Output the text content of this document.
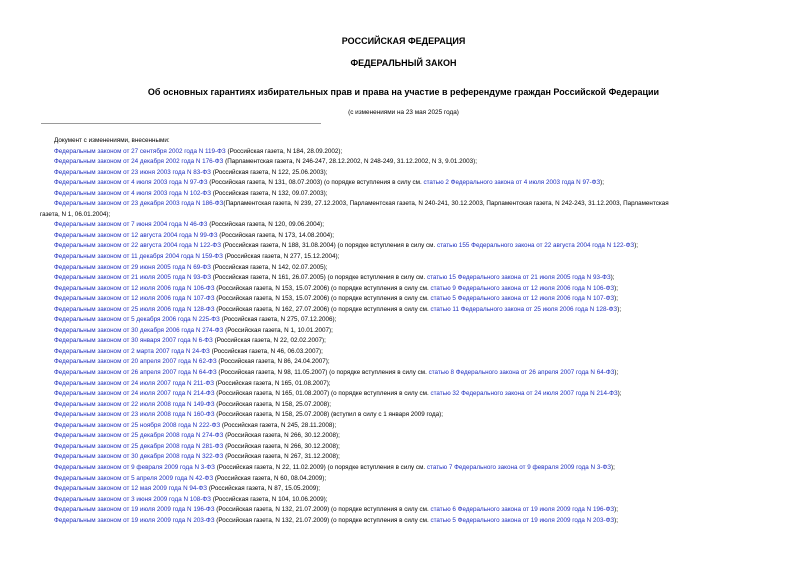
РОССИЙСКАЯ ФЕДЕРАЦИЯ
ФЕДЕРАЛЬНЫЙ ЗАКОН
Об основных гарантиях избирательных прав и права на участие в референдуме граждан Российской Федерации
(с изменениями на 23 мая 2025 года)

Документ с изменениями, внесенными:

Федеральным законом от 27 сентября 2002 года N 119-ФЗ (Российская газета, N 184, 28.09.2002);

Федеральным законом от 24 декабря 2002 года N 176-ФЗ (Парламентская газета, N 246-247, 28.12.2002, N 248-249, 31.12.2002, N 3, 9.01.2003);

Федеральным законом от 23 июня 2003 года N 83-ФЗ (Российская газета, N 122, 25.06.2003);

Федеральным законом от 4 июля 2003 года N 97-ФЗ (Российская газета, N 131, 08.07.2003) (о порядке вступления в силу см. статью 2 Федерального закона от 4 июля 2003 года N 97-ФЗ);

Федеральным законом от 4 июля 2003 года N 102-ФЗ (Российская газета, N 132, 09.07.2003);

Федеральным законом от 23 декабря 2003 года N 186-ФЗ(Парламентская газета, N 239, 27.12.2003, Парламентская газета, N 240-241, 30.12.2003, Парламентская газета, N 242-243, 31.12.2003, Парламентская

газета, N 1, 06.01.2004);

Федеральным законом от 7 июня 2004 года N 46-ФЗ (Российская газета, N 120, 09.06.2004);

Федеральным законом от 12 августа 2004 года N 99-ФЗ (Российская газета, N 173, 14.08.2004);

Федеральным законом от 22 августа 2004 года N 122-ФЗ (Российская газета, N 188, 31.08.2004) (о порядке вступления в силу см. статью 155 Федерального закона от 22 августа 2004 года N 122-ФЗ);

Федеральным законом от 11 декабря 2004 года N 159-ФЗ (Российская газета, N 277, 15.12.2004);

Федеральным законом от 29 июня 2005 года N 69-ФЗ (Российская газета, N 142, 02.07.2005);

Федеральным законом от 21 июля 2005 года N 93-ФЗ (Российская газета, N 161, 26.07.2005) (о порядке вступления в силу см. статью 15 Федерального закона от 21 июля 2005 года N 93-ФЗ);

Федеральным законом от 12 июля 2006 года N 106-ФЗ (Российская газета, N 153, 15.07.2006) (о порядке вступления в силу см. статью 9 Федерального закона от 12 июля 2006 года N 106-ФЗ);

Федеральным законом от 12 июля 2006 года N 107-ФЗ (Российская газета, N 153, 15.07.2006) (о порядке вступления в силу см. статью 5 Федерального закона от 12 июля 2006 года N 107-ФЗ);

Федеральным законом от 25 июля 2006 года N 128-ФЗ (Российская газета, N 162, 27.07.2006) (о порядке вступления в силу см. статью 11 Федерального закона от 25 июля 2006 года N 128-ФЗ);

Федеральным законом от 5 декабря 2006 года N 225-ФЗ (Российская газета, N 275, 07.12.2006);

Федеральным законом от 30 декабря 2006 года N 274-ФЗ (Российская газета, N 1, 10.01.2007);

Федеральным законом от 30 января 2007 года N 6-ФЗ (Российская газета, N 22, 02.02.2007);

Федеральным законом от 2 марта 2007 года N 24-ФЗ (Российская газета, N 46, 06.03.2007);

Федеральным законом от 20 апреля 2007 года N 62-ФЗ (Российская газета, N 86, 24.04.2007);

Федеральным законом от 26 апреля 2007 года N 64-ФЗ (Российская газета, N 98, 11.05.2007) (о порядке вступления в силу см. статью 8 Федерального закона от 26 апреля 2007 года N 64-ФЗ);

Федеральным законом от 24 июля 2007 года N 211-ФЗ (Российская газета, N 165, 01.08.2007);

Федеральным законом от 24 июля 2007 года N 214-ФЗ (Российская газета, N 165, 01.08.2007) (о порядке вступления в силу см. статью 32 Федерального закона от 24 июля 2007 года N 214-ФЗ);

Федеральным законом от 22 июля 2008 года N 149-ФЗ (Российская газета, N 158, 25.07.2008);

Федеральным законом от 23 июля 2008 года N 160-ФЗ (Российская газета, N 158, 25.07.2008) (вступил в силу с 1 января 2009 года);

Федеральным законом от 25 ноября 2008 года N 222-ФЗ (Российская газета, N 245, 28.11.2008);

Федеральным законом от 25 декабря 2008 года N 274-ФЗ (Российская газета, N 266, 30.12.2008);

Федеральным законом от 25 декабря 2008 года N 281-ФЗ (Российская газета, N 266, 30.12.2008);

Федеральным законом от 30 декабря 2008 года N 322-ФЗ (Российская газета, N 267, 31.12.2008);

Федеральным законом от 9 февраля 2009 года N 3-ФЗ (Российская газета, N 22, 11.02.2009) (о порядке вступления в силу см. статью 7 Федерального закона от 9 февраля 2009 года N 3-ФЗ);

Федеральным законом от 5 апреля 2009 года N 42-ФЗ (Российская газета, N 60, 08.04.2009);

Федеральным законом от 12 мая 2009 года N 94-ФЗ (Российская газета, N 87, 15.05.2009);

Федеральным законом от 3 июня 2009 года N 108-ФЗ (Российская газета, N 104, 10.06.2009);

Федеральным законом от 19 июля 2009 года N 196-ФЗ (Российская газета, N 132, 21.07.2009) (о порядке вступления в силу см. статью 6 Федерального закона от 19 июля 2009 года N 196-ФЗ);

Федеральным законом от 19 июля 2009 года N 203-ФЗ (Российская газета, N 132, 21.07.2009) (о порядке вступления в силу см. статью 5 Федерального закона от 19 июля 2009 года N 203-ФЗ);
